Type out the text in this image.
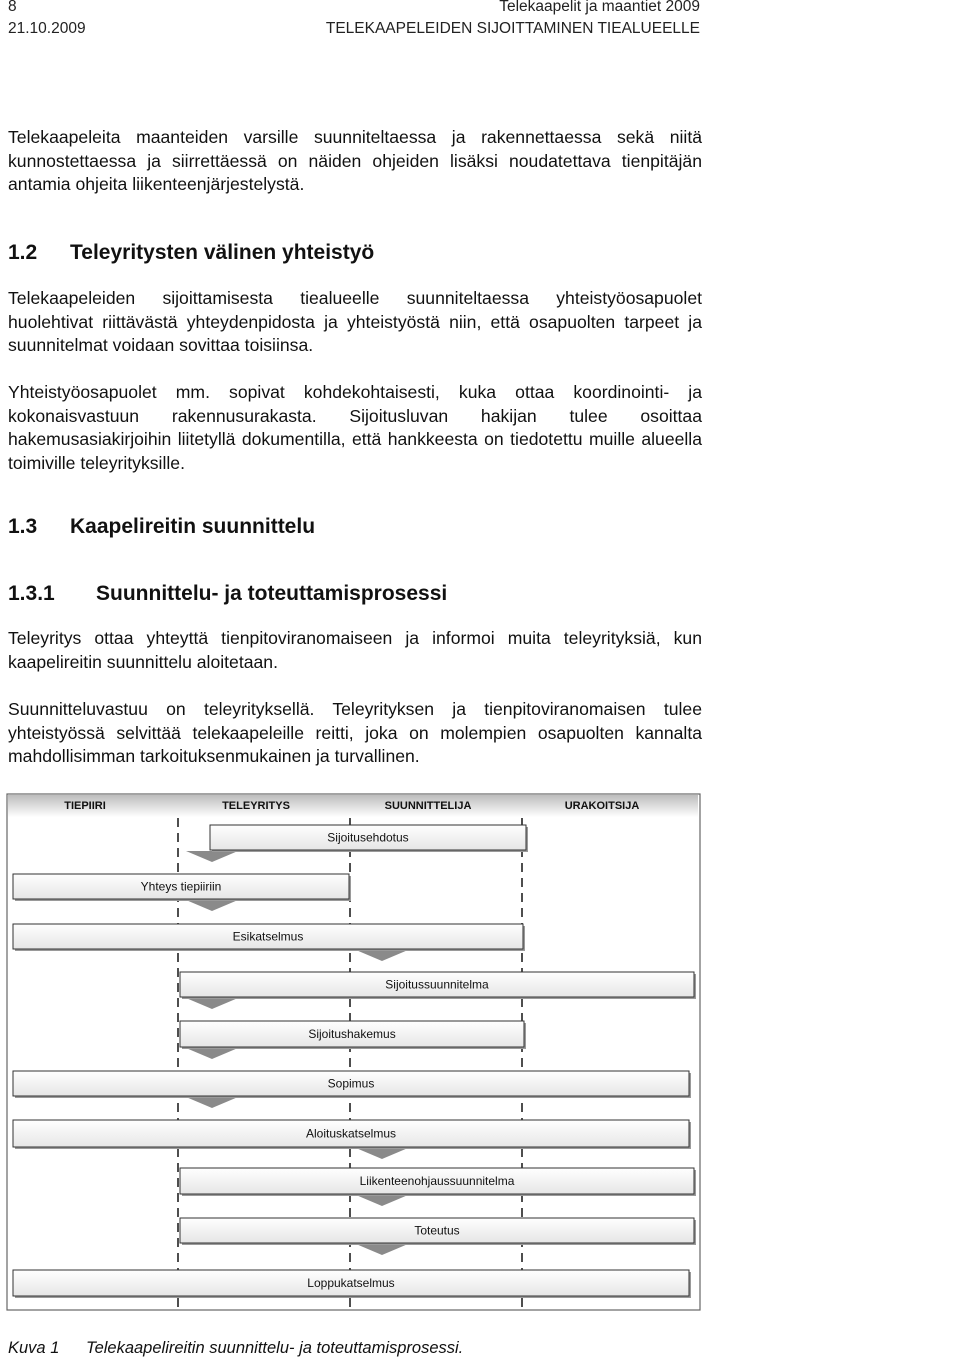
8	Telekaapelit ja maantiet 2009
21.10.2009	TELEKAAPELEIDEN SIJOITTAMINEN TIEALUEELLE

Telekaapeleita maanteiden varsille suunniteltaessa ja rakennettaessa sekä niitä kunnostettaessa ja siirrettäessä on näiden ohjeiden lisäksi noudatettava tienpitäjän antamia ohjeita liikenteenjärjestelystä.

1.2 Teleyritysten välinen yhteistyö

Telekaapeleiden sijoittamisesta tiealueelle suunniteltaessa yhteistyöosapuolet huolehtivat riittävästä yhteydenpidosta ja yhteistyöstä niin, että osapuolten tarpeet ja suunnitelmat voidaan sovittaa toisiinsa.

Yhteistyöosapuolet mm. sopivat kohdekohtaisesti, kuka ottaa koordinointi- ja kokonaisvastuun rakennusurakasta. Sijoitusluvan hakijan tulee osoittaa hakemusasiakirjoihin liitetyllä dokumentilla, että hankkeesta on tiedotettu muille alueella toimiville teleyrityksille.

1.3 Kaapelireitin suunnittelu
1.3.1 Suunnittelu- ja toteuttamisprosessi

Teleyritys ottaa yhteyttä tienpitoviranomaiseen ja informoi muita teleyrityksiä, kun kaapelireitin suunnittelu aloitetaan.

Suunnitteluvastuu on teleyrityksellä. Teleyrityksen ja tienpitoviranomaisen tulee yhteistyössä selvittää telekaapeleille reitti, joka on molempien osapuolten kannalta mahdollisimman tarkoituksenmukainen ja turvallinen.

TIEPIIRI	TELEYRITYS	SUUNNITTELIJA	URAKOITSIJA
Sijoitusehdotus
Yhteys tiepiiriin
Esikatselmus
Sijoitussuunnitelma
Sijoitushakemus
Sopimus
Aloituskatselmus
Liikenteenohjaussuunnitelma
Toteutus
Loppukatselmus
Kuva 1 Telekaapelireitin suunnittelu- ja toteuttamisprosessi.
